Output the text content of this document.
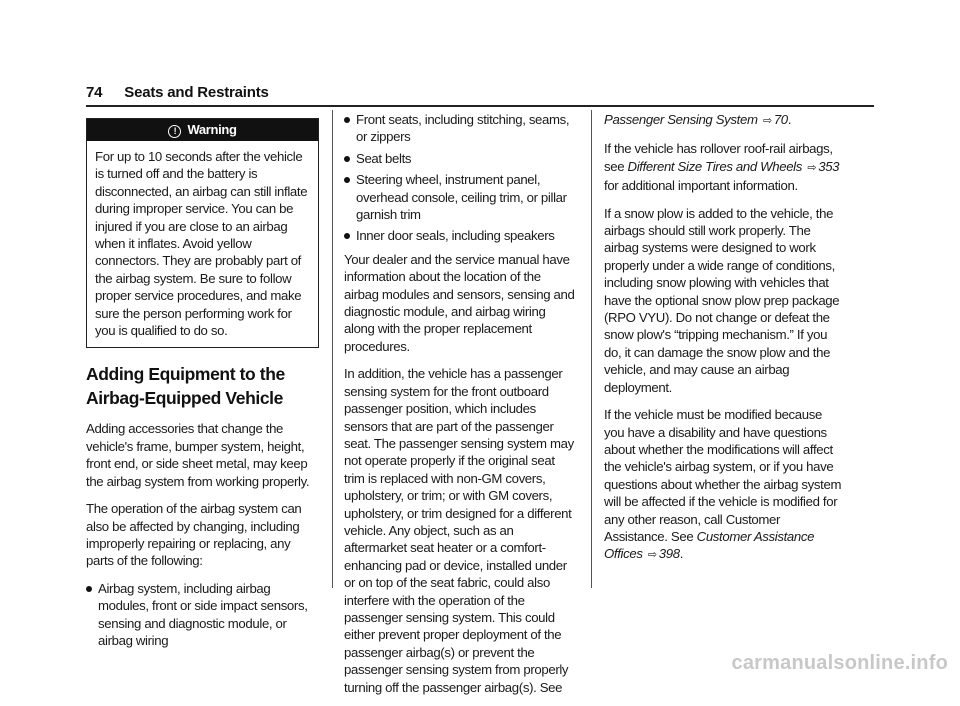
74 Seats and Restraints
! Warning
For up to 10 seconds after the vehicle is turned off and the battery is disconnected, an airbag can still inflate during improper service. You can be injured if you are close to an airbag when it inflates. Avoid yellow connectors. They are probably part of the airbag system. Be sure to follow proper service procedures, and make sure the person performing work for you is qualified to do so.
Adding Equipment to the
Airbag-Equipped Vehicle

Adding accessories that change the vehicle's frame, bumper system, height, front end, or side sheet metal, may keep the airbag system from working properly.

The operation of the airbag system can also be affected by changing, including improperly repairing or replacing, any parts of the following:

Airbag system, including airbag modules, front or side impact sensors, sensing and diagnostic module, or airbag wiring
Front seats, including stitching, seams, or zippers
Seat belts
Steering wheel, instrument panel, overhead console, ceiling trim, or pillar garnish trim
Inner door seals, including speakers

Your dealer and the service manual have information about the location of the airbag modules and sensors, sensing and diagnostic module, and airbag wiring along with the proper replacement procedures.

In addition, the vehicle has a passenger sensing system for the front outboard passenger position, which includes sensors that are part of the passenger seat. The passenger sensing system may not operate properly if the original seat trim is replaced with non-GM covers, upholstery, or trim; or with GM covers, upholstery, or trim designed for a different vehicle. Any object, such as an aftermarket seat heater or a comfort-enhancing pad or device, installed under or on top of the seat fabric, could also interfere with the operation of the passenger sensing system. This could either prevent proper deployment of the passenger airbag(s) or prevent the passenger sensing system from properly turning off the passenger airbag(s). See

Passenger Sensing System ⇨ 70.

If the vehicle has rollover roof-rail airbags, see Different Size Tires and Wheels ⇨ 353 for additional important information.

If a snow plow is added to the vehicle, the airbags should still work properly. The airbag systems were designed to work properly under a wide range of conditions, including snow plowing with vehicles that have the optional snow plow prep package (RPO VYU). Do not change or defeat the snow plow's “tripping mechanism.” If you do, it can damage the snow plow and the vehicle, and may cause an airbag deployment.

If the vehicle must be modified because you have a disability and have questions about whether the modifications will affect the vehicle's airbag system, or if you have questions about whether the airbag system will be affected if the vehicle is modified for any other reason, call Customer Assistance. See Customer Assistance Offices ⇨ 398.

carmanualsonline.info
